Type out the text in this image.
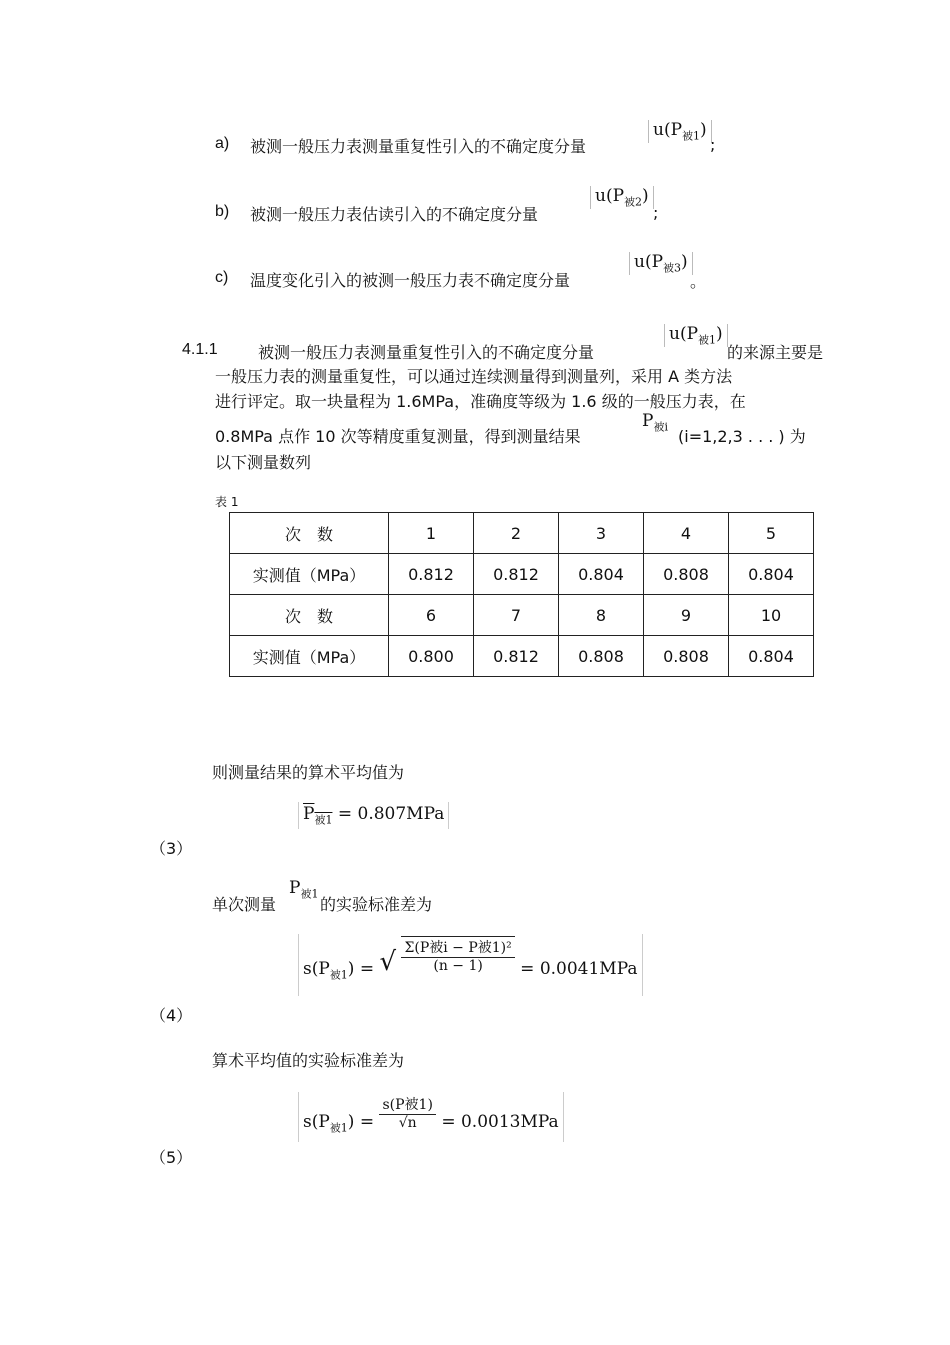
a) 被测一般压力表测量重复性引入的不确定度分量
$u(P_{被1})$
;
b) 被测一般压力表估读引入的不确定度分量
$u(P_{被2})$
;
c) 温度变化引入的被测一般压力表不确定度分量
$u(P_{被3})$
。
4.1.1	被测一般压力表测量重复性引入的不确定度分量
$u(P_{被1})$
的来源主要是
一般压力表的测量重复性，可以通过连续测量得到测量列，采用 A 类方法
进行评定。取一块量程为 1.6MPa，准确度等级为 1.6 级的一般压力表，在
0.8MPa 点作 10 次等精度重复测量，得到测量结果
$P_{被i}$
(i=1,2,3 . . . ) 为
以下测量数列
表 1
次　数	1	2	3	4	5
实测值（MPa）	0.812	0.812	0.804	0.808	0.804
次　数	6	7	8	9	10
实测值（MPa）	0.800	0.812	0.808	0.808	0.804
则测量结果的算术平均值为
$P_{被1} = 0.807MPa$
（3）
单次测量
$P_{被1}$
的实验标准差为
$s(P_{被1})$ = √ $\frac{\text{Σ(P被i − P被1)²}}{(n - 1)} = 0.0041MPa$
（4）
算术平均值的实验标准差为
$s(P_{被1}) = \frac{\text{s(P被1)}}{√n} = 0.0013MPa$
（5）
